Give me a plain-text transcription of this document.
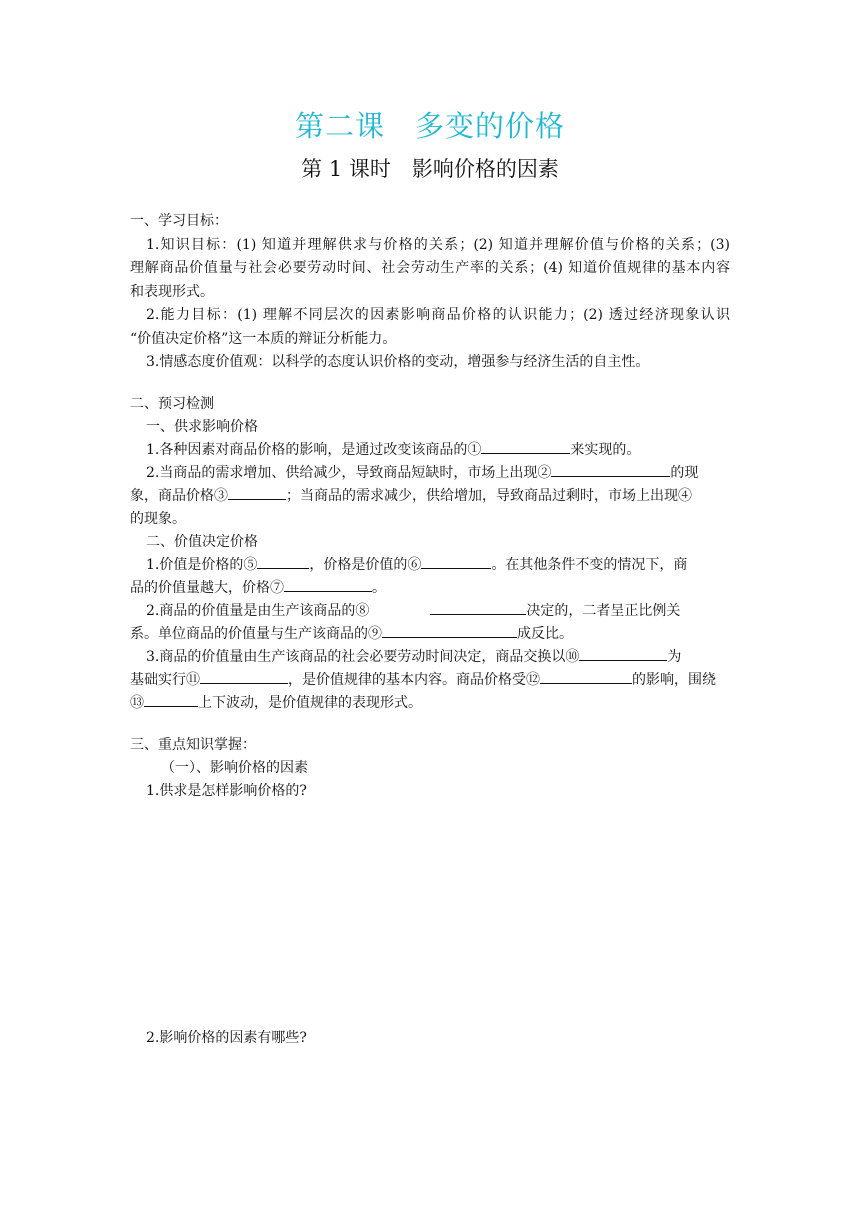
第二课　多变的价格
第 1 课时　影响价格的因素
一、学习目标：
1.知识目标：(1) 知道并理解供求与价格的关系；(2) 知道并理解价值与价格的关系；(3)
理解商品价值量与社会必要劳动时间、社会劳动生产率的关系；(4) 知道价值规律的基本内容
和表现形式。
2.能力目标：(1) 理解不同层次的因素影响商品价格的认识能力；(2) 透过经济现象认识
“价值决定价格”这一本质的辩证分析能力。
3.情感态度价值观：以科学的态度认识价格的变动，增强参与经济生活的自主性。
二、预习检测
一、供求影响价格
1.各种因素对商品价格的影响，是通过改变该商品的①	来实现的。
2.当商品的需求增加、供给减少，导致商品短缺时，市场上出现②	的现
象，商品价格③	；当商品的需求减少，供给增加，导致商品过剩时，市场上出现④
的现象。
二、价值决定价格
1.价值是价格的⑤	，价格是价值的⑥	。在其他条件不变的情况下，商
品的价值量越大，价格⑦	。
2.商品的价值量是由生产该商品的⑧	决定的，二者呈正比例关
系。单位商品的价值量与生产该商品的⑨	成反比。
3.商品的价值量由生产该商品的社会必要劳动时间决定，商品交换以⑩	为
基础实行⑪	，是价值规律的基本内容。商品价格受⑫	的影响，围绕
⑬	上下波动，是价值规律的表现形式。
三、重点知识掌握：
（一）、影响价格的因素
1.供求是怎样影响价格的?
2.影响价格的因素有哪些?
